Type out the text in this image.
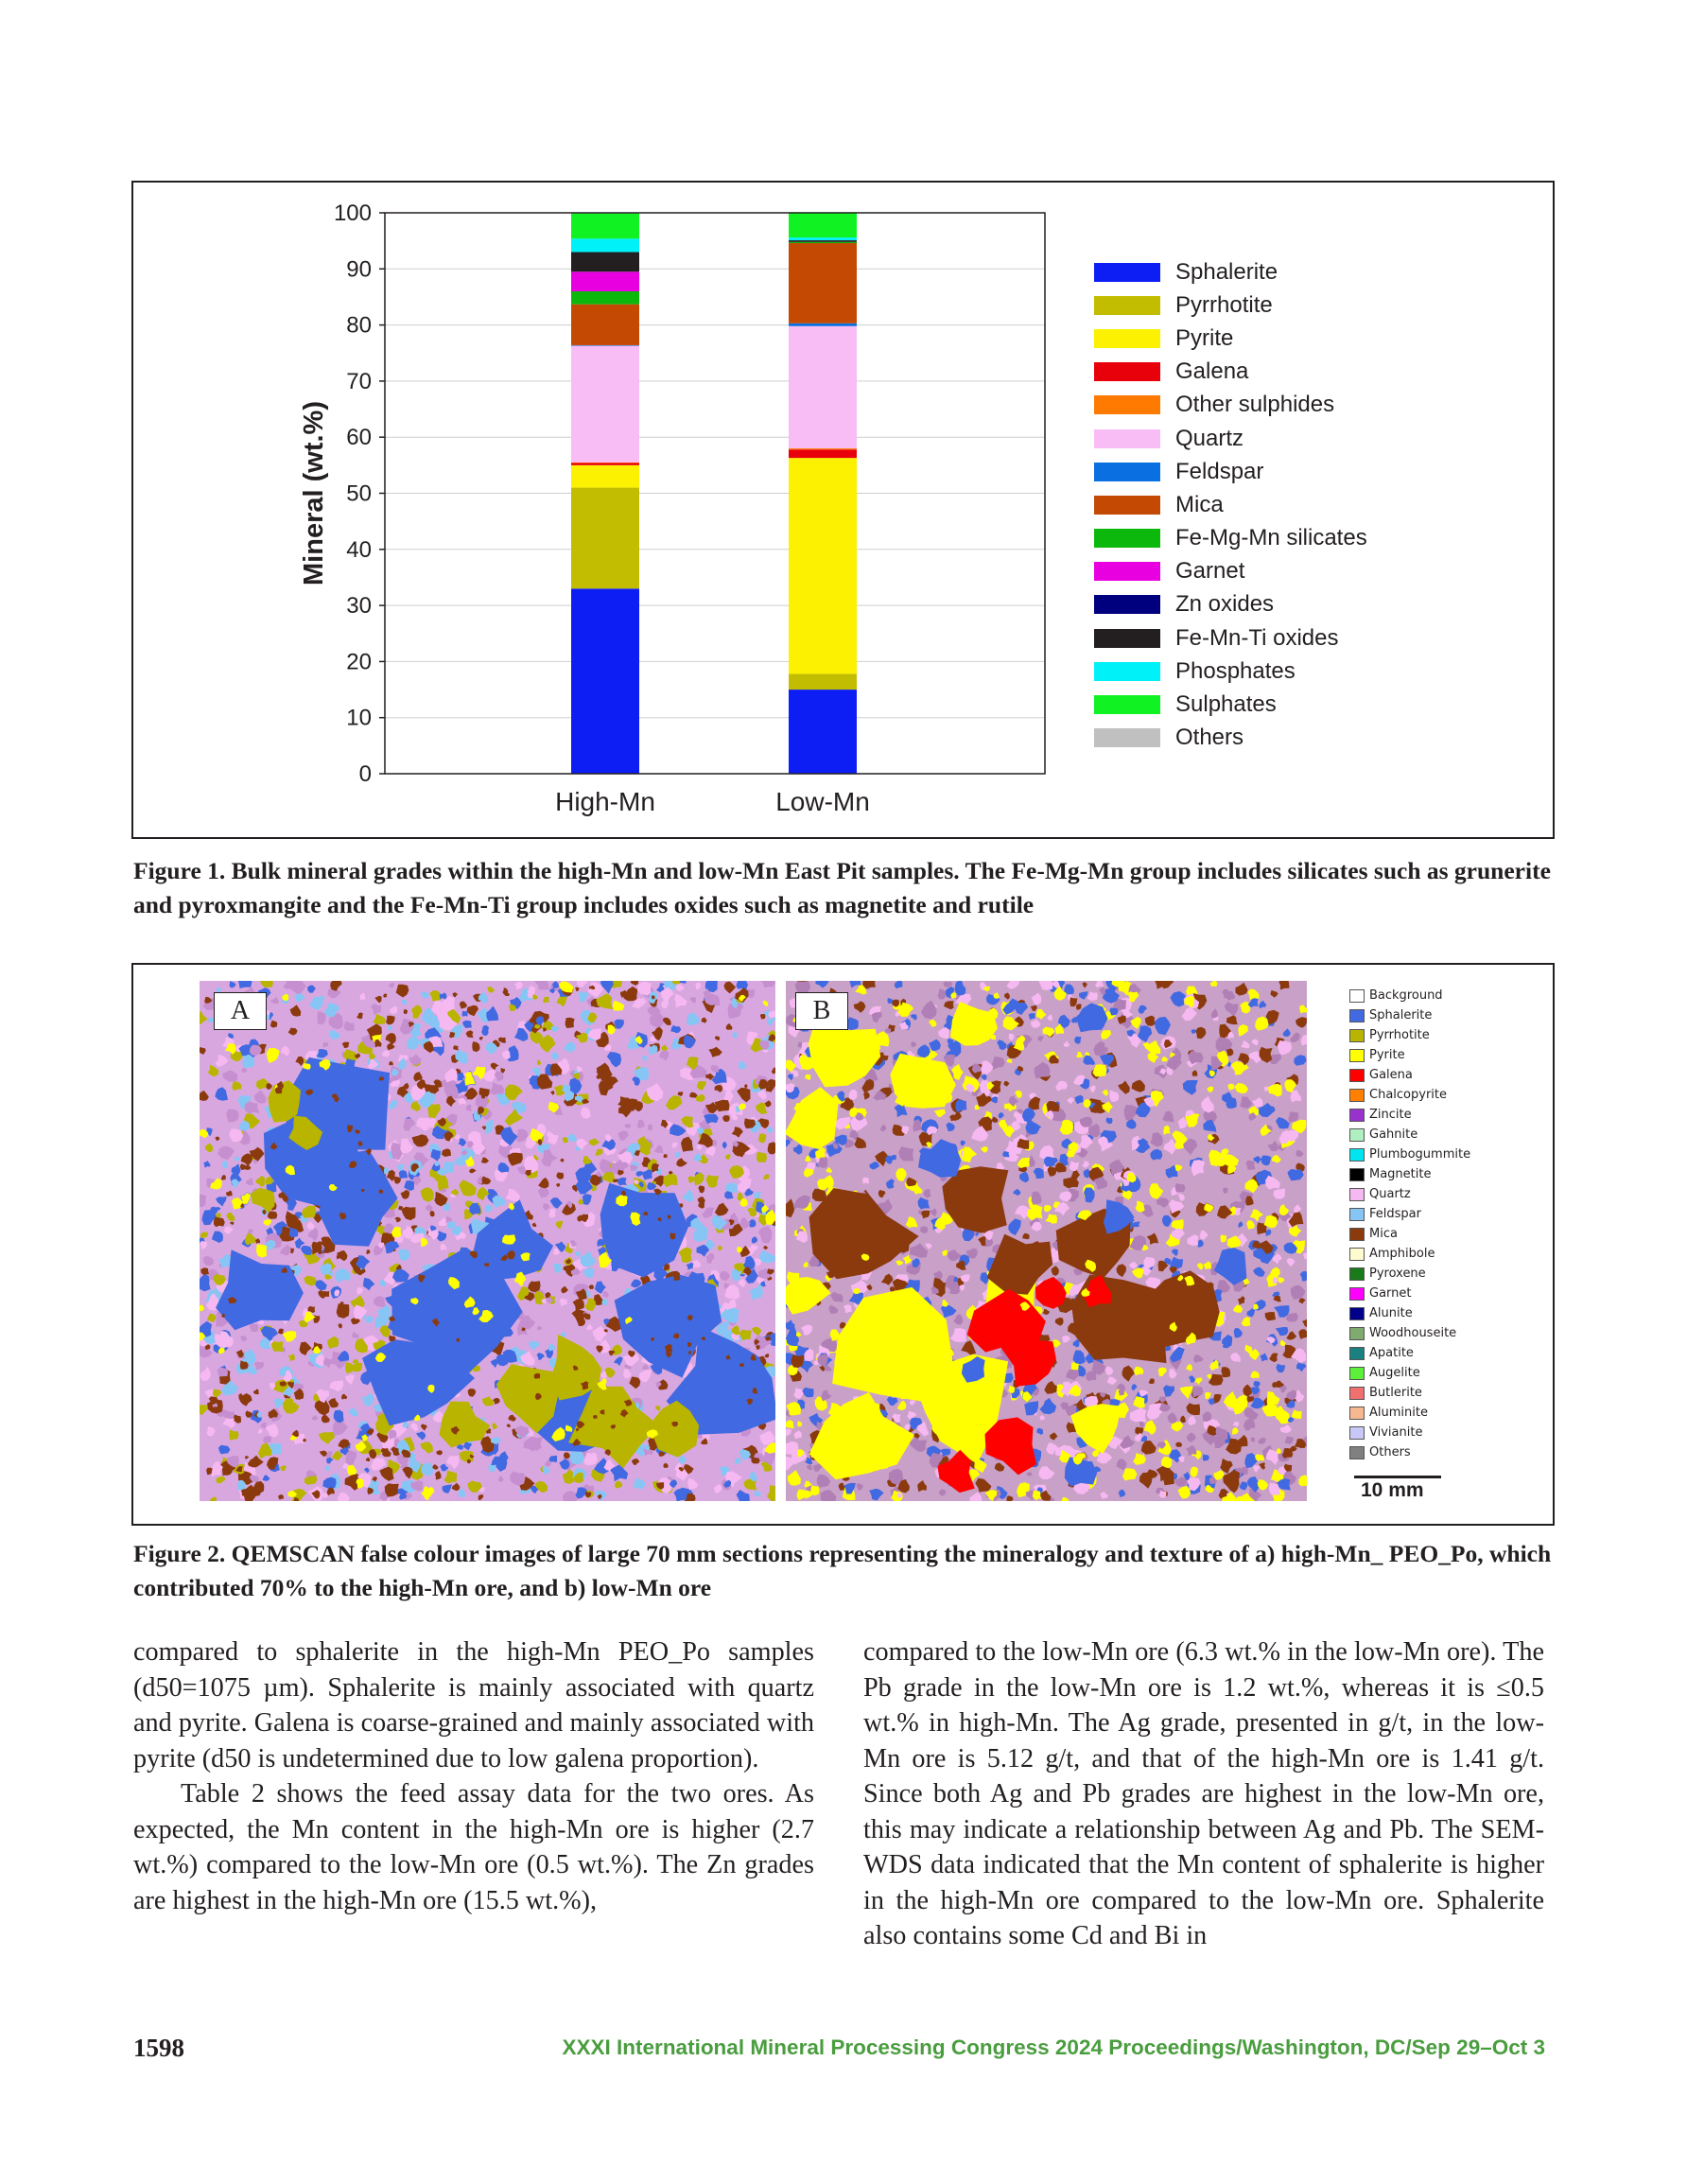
0
10
20
30
40
50
60
70
80
90
100
High-Mn	Low-Mn
Mineral (wt.%)
Sphalerite
Pyrrhotite
Pyrite
Galena
Other sulphides
Quartz
Feldspar
Mica
Fe-Mg-Mn silicates
Garnet
Zn oxides
Fe-Mn-Ti oxides
Phosphates
Sulphates
Others
Figure 1. Bulk mineral grades within the high-Mn and low-Mn East Pit samples. The Fe-Mg-Mn group includes silicates such as grunerite and pyroxmangite and the Fe-Mn-Ti group includes oxides such as magnetite and rutile
A	B
Background
Sphalerite
Pyrrhotite
Pyrite
Galena
Chalcopyrite
Zincite
Gahnite
Plumbogummite
Magnetite
Quartz
Feldspar
Mica
Amphibole
Pyroxene
Garnet
Alunite
Woodhouseite
Apatite
Augelite
Butlerite
Aluminite
Vivianite
Others
10 mm
Figure 2. QEMSCAN false colour images of large 70 mm sections representing the mineralogy and texture of a) high-Mn_ PEO_Po, which contributed 70% to the high-Mn ore, and b) low-Mn ore

compared to sphalerite in the high-Mn PEO_Po samples (d50=1075 µm). Sphalerite is mainly associated with quartz and pyrite. Galena is coarse-grained and mainly associated with pyrite (d50 is undetermined due to low galena proportion).

Table 2 shows the feed assay data for the two ores. As expected, the Mn content in the high-Mn ore is higher (2.7 wt.%) compared to the low-Mn ore (0.5 wt.%). The Zn grades are highest in the high-Mn ore (15.5 wt.%),

compared to the low-Mn ore (6.3 wt.% in the low-Mn ore). The Pb grade in the low-Mn ore is 1.2 wt.%, whereas it is ≤0.5 wt.% in high-Mn. The Ag grade, presented in g/t, in the low-Mn ore is 5.12 g/t, and that of the high-Mn ore is 1.41 g/t. Since both Ag and Pb grades are highest in the low-Mn ore, this may indicate a relationship between Ag and Pb. The SEM-WDS data indicated that the Mn content of sphalerite is higher in the high-Mn ore compared to the low-Mn ore. Sphalerite also contains some Cd and Bi in

1598	XXXI International Mineral Processing Congress 2024 Proceedings/Washington, DC/Sep 29–Oct 3
